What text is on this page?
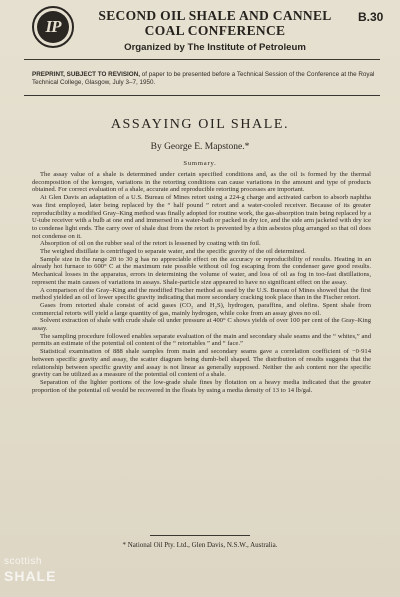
IP
SECOND OIL SHALE AND CANNEL
COAL CONFERENCE
Organized by The Institute of Petroleum
B.30
PREPRINT, SUBJECT TO REVISION, of paper to be presented before a Technical Session of the Conference at the Royal Technical College, Glasgow, July 3–7, 1950.
ASSAYING OIL SHALE.
By George E. Mapstone.*
Summary.

The assay value of a shale is determined under certain specified conditions and, as the oil is formed by the thermal decomposition of the kerogen, variations in the retorting conditions can cause variations in the amount and type of products obtained. For correct evaluation of a shale, accurate and reproducible retorting processes are important.

At Glen Davis an adaptation of a U.S. Bureau of Mines retort using a 224-g charge and activated carbon to absorb naphtha was first employed, later being replaced by the “ half pound ” retort and a water-cooled receiver. Because of its greater reproducibility a modified Gray–King method was finally adopted for routine work, the gas-absorption train being replaced by a U-tube receiver with a bulb at one end and immersed in a water-bath or packed in dry ice, and the side arm jacketed with dry ice to condense light ends. The carry over of shale dust from the retort is prevented by a thin asbestos plug arranged so that oil does not condense on it.

Absorption of oil on the rubber seal of the retort is lessened by coating with tin foil.

The weighed distillate is centrifuged to separate water, and the specific gravity of the oil determined.

Sample size in the range 20 to 30 g has no appreciable effect on the accuracy or reproducibility of results. Heating in an already hot furnace to 600° C at the maximum rate possible without oil fog escaping from the condenser gave good results. Mechanical losses in the apparatus, errors in determining the volume of water, and loss of oil as fog in too-fast distillations, represent the main causes of variations in assays. Shale-particle size appeared to have no significant effect on the assay.

A comparison of the Gray–King and the modified Fischer method as used by the U.S. Bureau of Mines showed that the first method yielded an oil of lower specific gravity indicating that more secondary cracking took place than in the Fischer retort.

Gases from retorted shale consist of acid gases (CO₂ and H₂S), hydrogen, paraffins, and olefins. Spent shale from commercial retorts will yield a large quantity of gas, mainly hydrogen, while coke from an assay gives no oil.

Solvent extraction of shale with crude shale oil under pressure at 400° C shows yields of over 100 per cent of the Gray–King assay.

The sampling procedure followed enables separate evaluation of the main and secondary shale seams and the “ whites,” and permits an estimate of the potential oil content of the “ retortables ” and “ face.”

Statistical examination of 888 shale samples from main and secondary seams gave a correlation coefficient of −0·914 between specific gravity and assay, the scatter diagram being dumb-bell shaped. The distribution of results suggests that the relationship between specific gravity and assay is not linear as generally supposed. Neither the ash content nor the specific gravity can be utilized as a measure of the potential oil content of a shale.

Separation of the lighter portions of the low-grade shale fines by flotation on a heavy media indicated that the greater proportion of the potential oil would be recovered in the floats by using a media density of 13 to 14 lb/gal.

* National Oil Pty. Ltd., Glen Davis, N.S.W., Australia.
scottish
SHALE
